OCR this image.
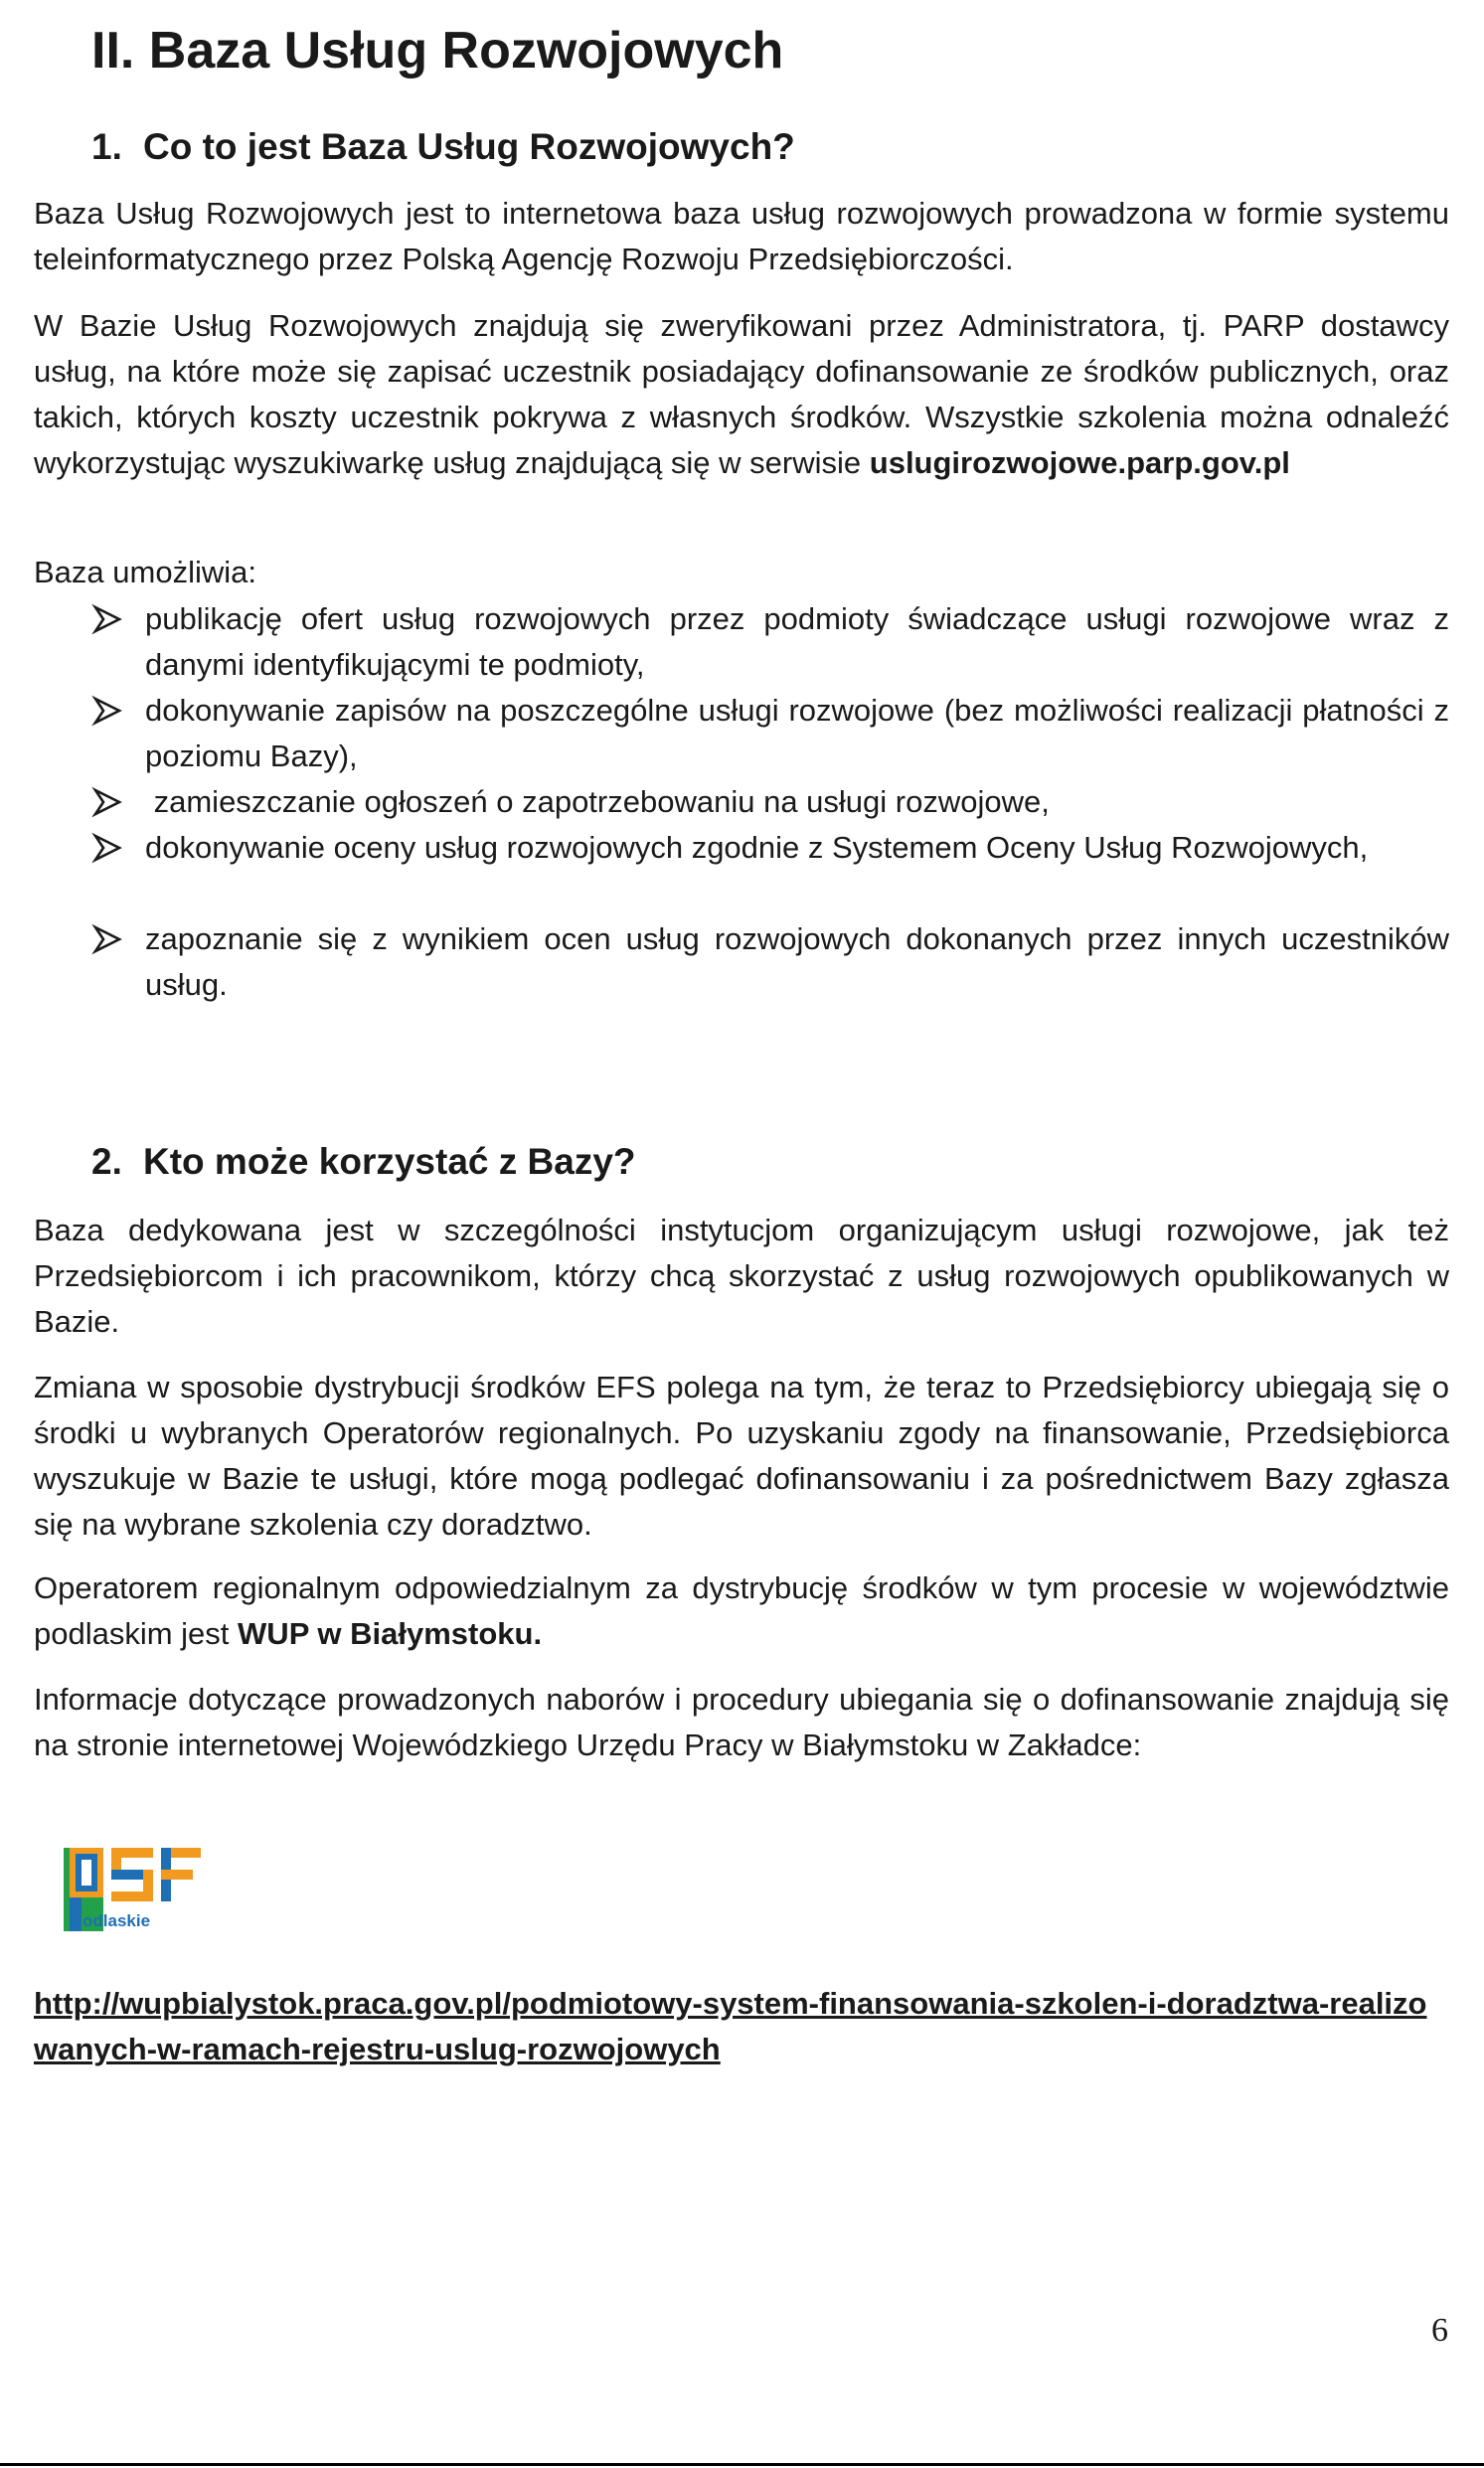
II. Baza Usług Rozwojowych
1. Co to jest Baza Usług Rozwojowych?

Baza Usług Rozwojowych jest to internetowa baza usług rozwojowych prowadzona w formie systemu teleinformatycznego przez Polską Agencję Rozwoju Przedsiębiorczości.

W Bazie Usług Rozwojowych znajdują się zweryfikowani przez Administratora, tj. PARP dostawcy usług, na które może się zapisać uczestnik posiadający dofinansowanie ze środków publicznych, oraz takich, których koszty uczestnik pokrywa z własnych środków. Wszystkie szkolenia można odnaleźć wykorzystując wyszukiwarkę usług znajdującą się w serwisie uslugirozwojowe.parp.gov.pl

Baza umożliwia:

publikację ofert usług rozwojowych przez podmioty świadczące usługi rozwojowe wraz z danymi identyfikującymi te podmioty,
dokonywanie zapisów na poszczególne usługi rozwojowe (bez możliwości realizacji płatności z poziomu Bazy),
zamieszczanie ogłoszeń o zapotrzebowaniu na usługi rozwojowe,
dokonywanie oceny usług rozwojowych zgodnie z Systemem Oceny Usług Rozwojowych,
zapoznanie się z wynikiem ocen usług rozwojowych dokonanych przez innych uczestników usług.
2. Kto może korzystać z Bazy?

Baza dedykowana jest w szczególności instytucjom organizującym usługi rozwojowe, jak też Przedsiębiorcom i ich pracownikom, którzy chcą skorzystać z usług rozwojowych opublikowanych w Bazie.

Zmiana w sposobie dystrybucji środków EFS polega na tym, że teraz to Przedsiębiorcy ubiegają się o środki u wybranych Operatorów regionalnych. Po uzyskaniu zgody na finansowanie, Przedsiębiorca wyszukuje w Bazie te usługi, które mogą podlegać dofinansowaniu i za pośrednictwem Bazy zgłasza się na wybrane szkolenia czy doradztwo.

Operatorem regionalnym odpowiedzialnym za dystrybucję środków w tym procesie w województwie podlaskim jest WUP w Białymstoku.

Informacje dotyczące prowadzonych naborów i procedury ubiegania się o dofinansowanie znajdują się na stronie internetowej Wojewódzkiego Urzędu Pracy w Białymstoku w Zakładce:

odlaskie
http://wupbialystok.praca.gov.pl/podmiotowy-system-finansowania-szkolen-i-doradztwa-realizowanych-w-ramach-rejestru-uslug-rozwojowych
6
